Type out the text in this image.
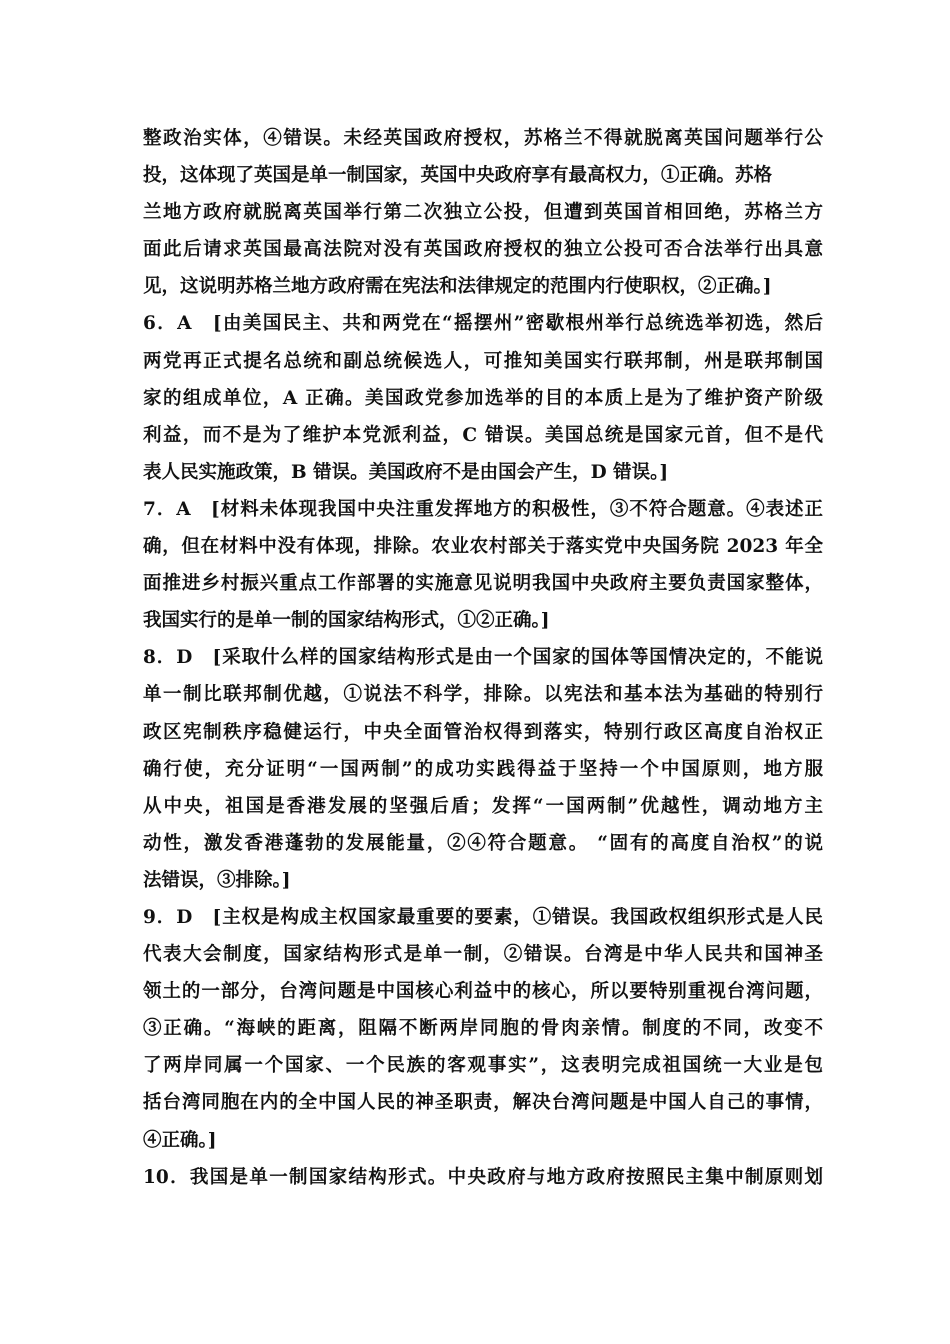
整政治实体，④错误。未经英国政府授权，苏格兰不得就脱离英国问题举行公
投，这体现了英国是单一制国家，英国中央政府享有最高权力，①正确。苏格
兰地方政府就脱离英国举行第二次独立公投，但遭到英国首相回绝，苏格兰方
面此后请求英国最高法院对没有英国政府授权的独立公投可否合法举行出具意
见，这说明苏格兰地方政府需在宪法和法律规定的范围内行使职权，②正确。]
6．A　[由美国民主、共和两党在“摇摆州”密歇根州举行总统选举初选，然后
两党再正式提名总统和副总统候选人，可推知美国实行联邦制，州是联邦制国
家的组成单位，A 正确。美国政党参加选举的目的本质上是为了维护资产阶级
利益，而不是为了维护本党派利益，C 错误。美国总统是国家元首，但不是代
表人民实施政策，B 错误。美国政府不是由国会产生，D 错误。]
7．A　[材料未体现我国中央注重发挥地方的积极性，③不符合题意。④表述正
确，但在材料中没有体现，排除。农业农村部关于落实党中央国务院 2023 年全
面推进乡村振兴重点工作部署的实施意见说明我国中央政府主要负责国家整体，
我国实行的是单一制的国家结构形式，①②正确。]
8．D　[采取什么样的国家结构形式是由一个国家的国体等国情决定的，不能说
单一制比联邦制优越，①说法不科学，排除。以宪法和基本法为基础的特别行
政区宪制秩序稳健运行，中央全面管治权得到落实，特别行政区高度自治权正
确行使，充分证明“一国两制”的成功实践得益于坚持一个中国原则，地方服
从中央，祖国是香港发展的坚强后盾；发挥“一国两制”优越性，调动地方主
动性，激发香港蓬勃的发展能量，②④符合题意。 “固有的高度自治权”的说
法错误，③排除。]
9．D　[主权是构成主权国家最重要的要素，①错误。我国政权组织形式是人民
代表大会制度，国家结构形式是单一制，②错误。台湾是中华人民共和国神圣
领土的一部分，台湾问题是中国核心利益中的核心，所以要特别重视台湾问题，
③正确。“海峡的距离，阻隔不断两岸同胞的骨肉亲情。制度的不同，改变不
了两岸同属一个国家、一个民族的客观事实”，这表明完成祖国统一大业是包
括台湾同胞在内的全中国人民的神圣职责，解决台湾问题是中国人自己的事情，
④正确。]
10．我国是单一制国家结构形式。中央政府与地方政府按照民主集中制原则划
